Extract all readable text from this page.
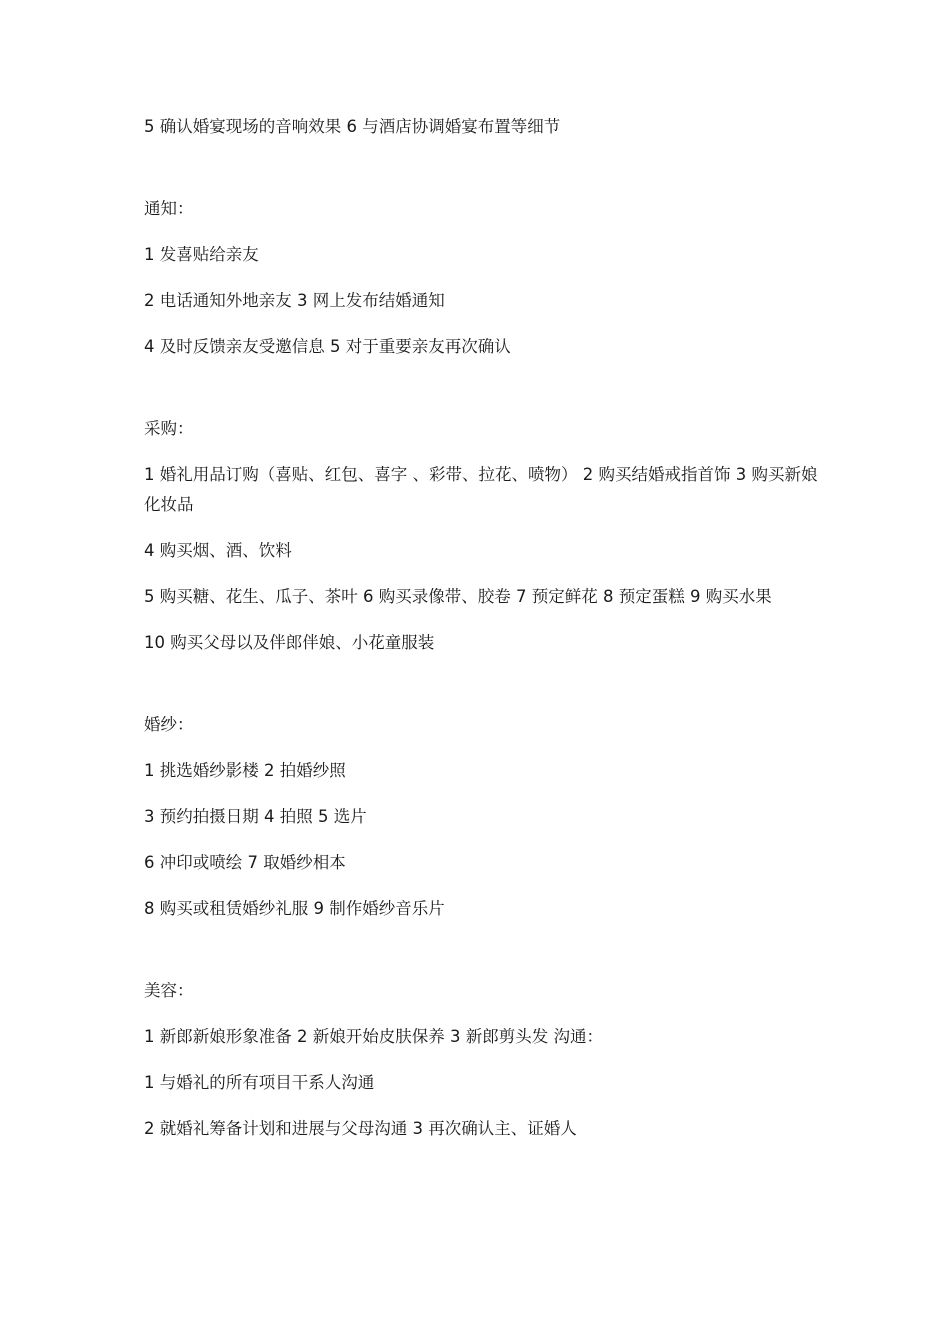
5 确认婚宴现场的音响效果 6 与酒店协调婚宴布置等细节

通知：

1 发喜贴给亲友

2 电话通知外地亲友 3 网上发布结婚通知

4 及时反馈亲友受邀信息 5 对于重要亲友再次确认

采购：

1 婚礼用品订购（喜贴、红包、喜字 、彩带、拉花、喷物） 2 购买结婚戒指首饰 3 购买新娘化妆品

4 购买烟、酒、饮料

5 购买糖、花生、瓜子、茶叶 6 购买录像带、胶卷 7 预定鲜花 8 预定蛋糕 9 购买水果

10 购买父母以及伴郎伴娘、小花童服装

婚纱：

1 挑选婚纱影楼 2 拍婚纱照

3 预约拍摄日期 4 拍照 5 选片

6 冲印或喷绘 7 取婚纱相本

8 购买或租赁婚纱礼服 9 制作婚纱音乐片

美容：

1 新郎新娘形象准备 2 新娘开始皮肤保养 3 新郎剪头发 沟通：

1 与婚礼的所有项目干系人沟通

2 就婚礼筹备计划和进展与父母沟通 3 再次确认主、证婚人
